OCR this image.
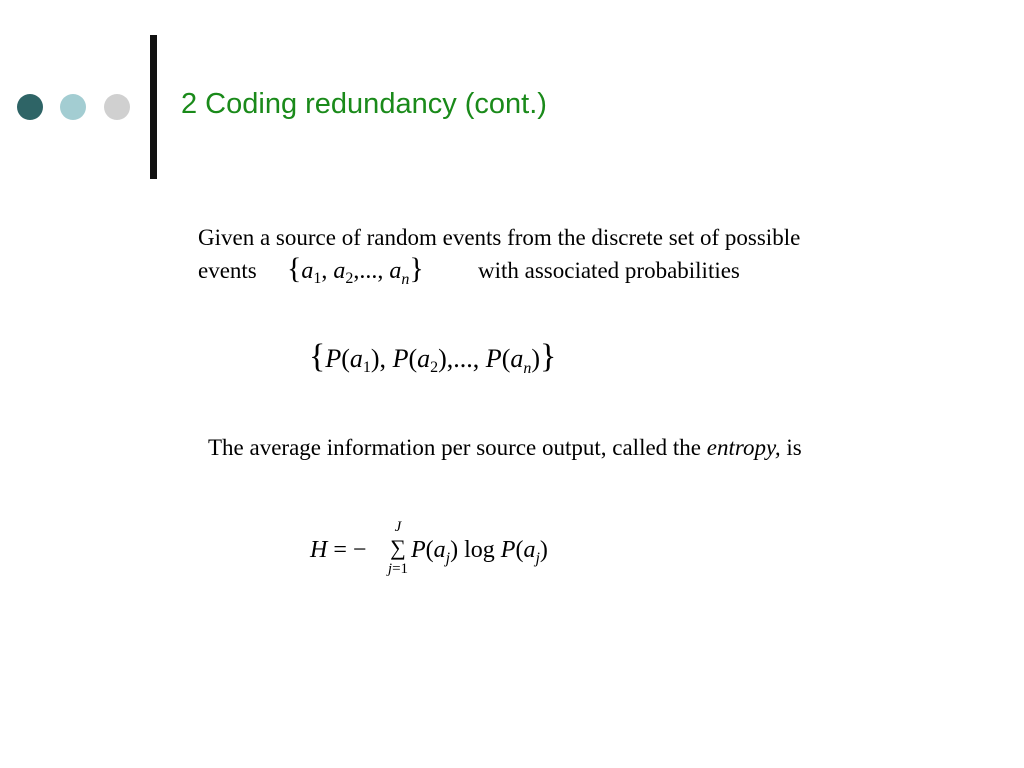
2 Coding redundancy (cont.)
Given a source of random events from the discrete set of possible
events {$a_1$, $a_2$,..., $a_n$} with associated probabilities
{$P(a_1)$, $P(a_2)$,..., $P(a_n)$}
The average information per source output, called the entropy, is
H = −
J
∑
j=1
$P(a_j)$ $\log P(a_j)$
